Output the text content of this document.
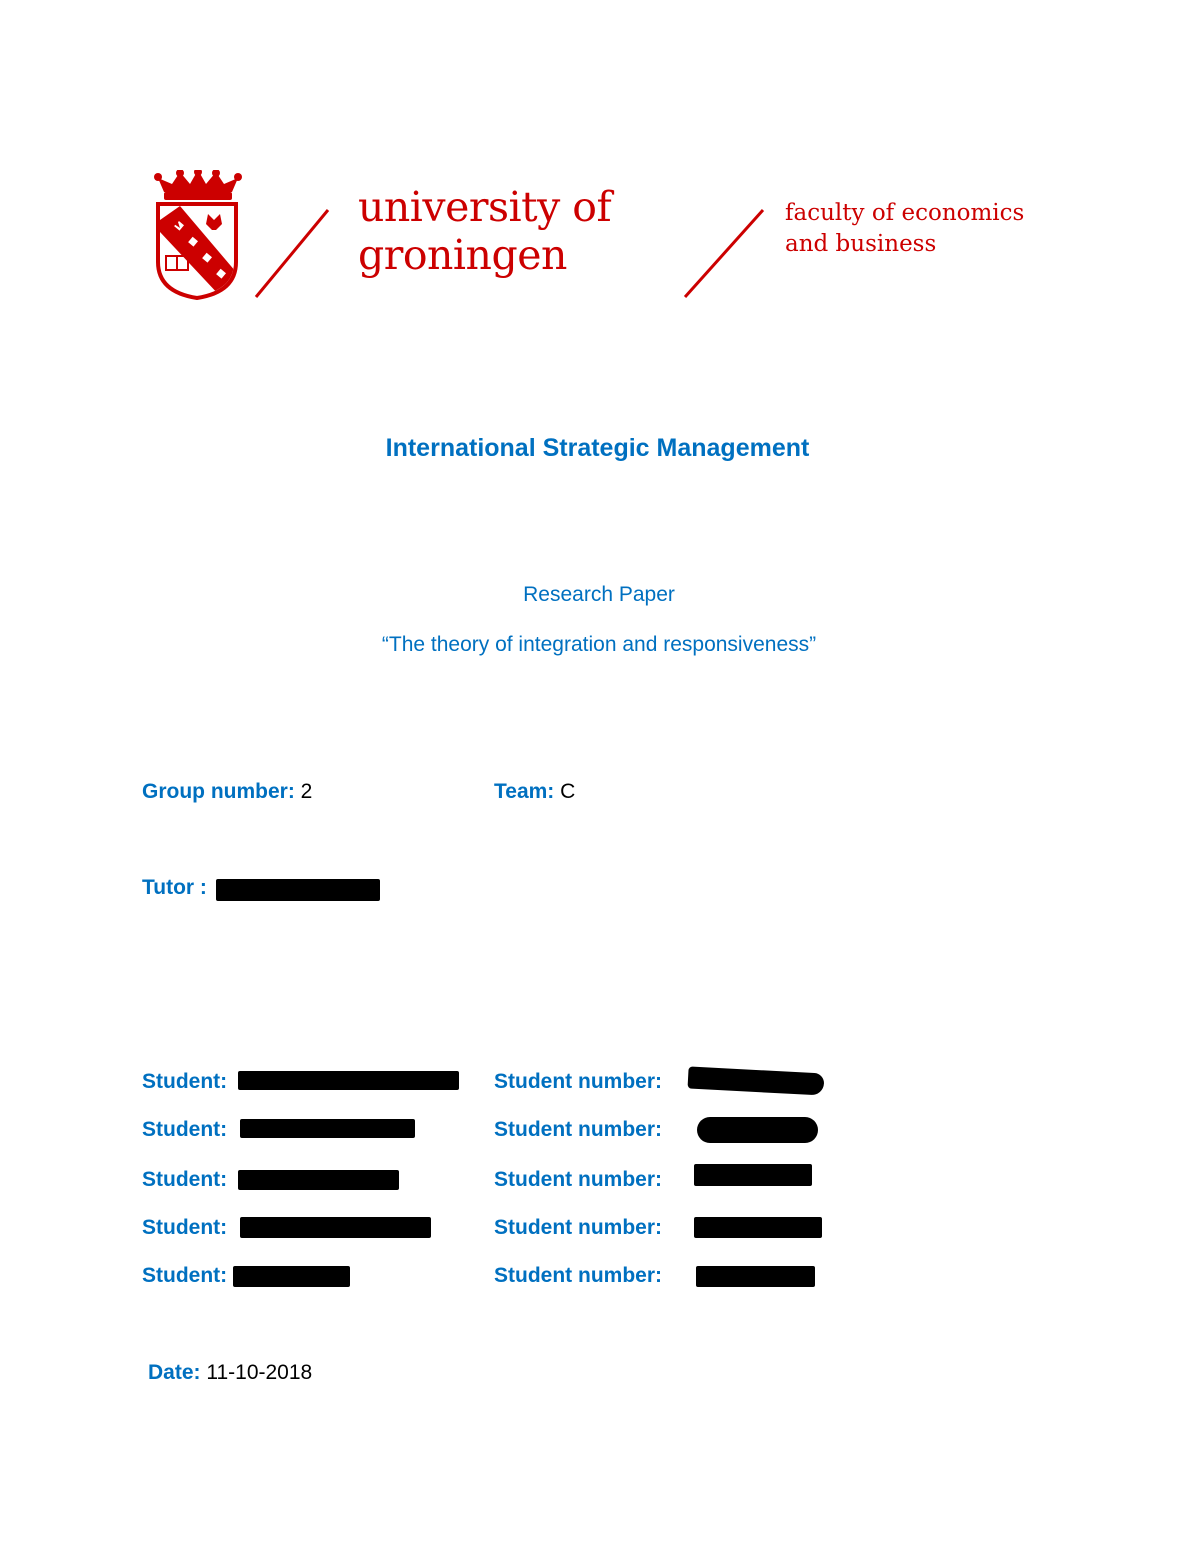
university of
groningen
faculty of economics
and business
International Strategic Management
Research Paper
“The theory of integration and responsiveness”
Group number: 2	Team: C
Tutor :
Student:	Student number:
Student:	Student number:
Student:	Student number:
Student:	Student number:
Student:	Student number:
Date: 11-10-2018
